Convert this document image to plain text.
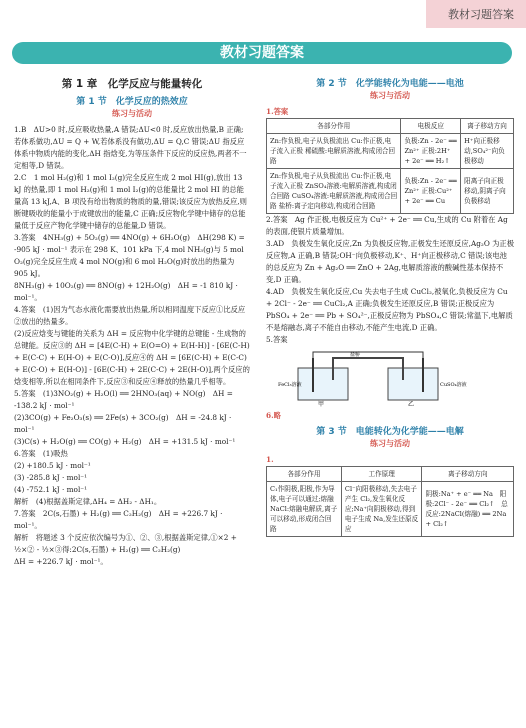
教材习题答案
教材习题答案
第 1 章　化学反应与能量转化
第 1 节　化学反应的热效应
练习与活动

1.B　ΔU>0 时,反应吸收热量,A 错误;ΔU<0 时,反应放出热量,B 正确;若体系做功,ΔU = Q + W,若体系没有做功,ΔU = Q,C 错误;ΔU 指反应体系中物质内能的变化,ΔH 指焓变,为等压条件下反应的反应热,两者不一定相等,D 错误。

2.C　1 mol H₂(g)和 1 mol I₂(g)完全反应生成 2 mol HI(g),放出 13 kJ 的热量,即 1 mol H₂(g)和 1 mol I₂(g)的总能量比 2 mol HI 的总能量高 13 kJ,A、B 项没有给出物质的物质的量,错误;该反应为放热反应,则断键吸收的能量小于成键放出的能量,C 正确;反应物化学键中储存的总能量低于反应产物化学键中储存的总能量,D 错误。

3.答案　4NH₃(g) + 5O₂(g) ══ 4NO(g) + 6H₂O(g)　ΔH(298 K) = -905 kJ · mol⁻¹ 表示在 298 K、101 kPa 下,4 mol NH₃(g)与 5 mol O₂(g)完全反应生成 4 mol NO(g)和 6 mol H₂O(g)时放出的热量为 905 kJ。

8NH₃(g) + 10O₂(g) ══ 8NO(g) + 12H₂O(g)　ΔH = -1 810 kJ · mol⁻¹。

4.答案　(1)因为气态水液化需要放出热量,所以相同温度下反应①比反应②放出的热量多。

(2)反应焓变与键能的关系为 ΔH = 反应物中化学键的总键能 - 生成物的总键能。反应③的 ΔH = [4E(C-H) + E(O=O) + E(H-H)] - [6E(C-H) + E(C-C) + E(H-O) + E(C-O)],反应④的 ΔH = [6E(C-H) + E(C-C) + E(C-O) + E(H-O)] - [6E(C-H) + 2E(C-C) + 2E(H-O)],两个反应的焓变相等,所以在相同条件下,反应③和反应④释放的热量几乎相等。

5.答案　(1)3NO₂(g) + H₂O(l) ══ 2HNO₃(aq) + NO(g)　ΔH = -138.2 kJ · mol⁻¹

(2)3CO(g) + Fe₂O₃(s) ══ 2Fe(s) + 3CO₂(g)　ΔH = -24.8 kJ · mol⁻¹

(3)C(s) + H₂O(g) ══ CO(g) + H₂(g)　ΔH = +131.5 kJ · mol⁻¹

6.答案　(1)吸热

(2) +180.5 kJ · mol⁻¹

(3) -285.8 kJ · mol⁻¹

(4) -752.1 kJ · mol⁻¹

解析　(4)根据盖斯定律,ΔH₄ = ΔH₂ - ΔH₁。

7.答案　2C(s,石墨) + H₂(g) ══ C₂H₂(g)　ΔH = +226.7 kJ · mol⁻¹。

解析　将题述 3 个反应依次编号为①、②、③,根据盖斯定律,①×2 + ½×② - ½×③得:2C(s,石墨) + H₂(g) ══ C₂H₂(g)

ΔH = +226.7 kJ · mol⁻¹。

第 2 节　化学能转化为电能——电池
练习与活动
1.答案
各部分作用	电极反应	离子移动方向
Zn:作负极,电子从负极流出 Cu:作正极,电子流入正极 稀硫酸:电解质溶液,构成闭合回路	负极:Zn - 2e⁻ ══ Zn²⁺ 正极:2H⁺ + 2e⁻ ══ H₂↑	H⁺向正极移动,SO₄²⁻向负极移动
Zn:作负极,电子从负极流出 Cu:作正极,电子流入正极 ZnSO₄溶液:电解质溶液,构成闭合回路 CuSO₄溶液:电解质溶液,构成闭合回路 盐桥:离子定向移动,构成闭合回路	负极:Zn - 2e⁻ ══ Zn²⁺ 正极:Cu²⁺ + 2e⁻ ══ Cu	阳离子向正极移动,阴离子向负极移动

2.答案　Ag 作正极,电极反应为 Cu²⁺ + 2e⁻ ══ Cu,生成的 Cu 附着在 Ag 的表面,使银片质量增加。

3.AD　负极发生氧化反应,Zn 为负极反应物,正极发生还原反应,Ag₂O 为正极反应物,A 正确,B 错误;OH⁻向负极移动,K⁺、H⁺向正极移动,C 错误;该电池的总反应为 Zn + Ag₂O ══ ZnO + 2Ag,电解质溶液的酸碱性基本保持不变,D 正确。

4.AD　负极发生氧化反应,Cu 失去电子生成 CuCl₂,被氧化,负极反应为 Cu + 2Cl⁻ - 2e⁻ ══ CuCl₂,A 正确;负极发生还原反应,B 错误;正极反应为 PbSO₄ + 2e⁻ ══ Pb + SO₄²⁻,正极反应物为 PbSO₄,C 错误;常温下,电解质不是熔融态,离子不能自由移动,不能产生电流,D 正确。

5.答案

盐桥
FeCl₃溶液	CuSO₄溶液
甲	乙

6.略

第 3 节　电能转化为化学能——电解
练习与活动
1.
各部分作用	工作原理	离子移动方向
C₁作阴极,阳极,作为导体,电子可以通过;熔融 NaCl:熔融电解质,离子可以移动,形成闭合回路	Cl⁻向阳极移动,失去电子产生 Cl₂,发生氧化反应;Na⁺向阴极移动,得到电子生成 Na,发生还原反应	阴极:Na⁺ + e⁻ ══ Na　阳极:2Cl⁻ - 2e⁻ ══ Cl₂↑　总反应:2NaCl(熔融) ══ 2Na + Cl₂↑
